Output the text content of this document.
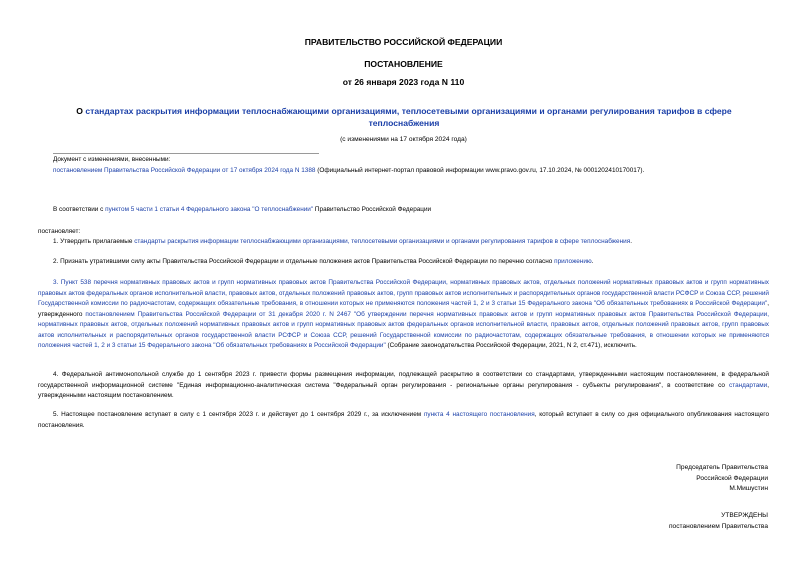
ПРАВИТЕЛЬСТВО РОССИЙСКОЙ ФЕДЕРАЦИИ
ПОСТАНОВЛЕНИЕ
от 26 января 2023 года N 110
О стандартах раскрытия информации теплоснабжающими организациями, теплосетевыми организациями и органами регулирования тарифов в сфере теплоснабжения
(с изменениями на 17 октября 2024 года)
Документ с изменениями, внесенными:
постановлением Правительства Российской Федерации от 17 октября 2024 года N 1388 (Официальный интернет-портал правовой информации www.pravo.gov.ru, 17.10.2024, № 0001202410170017).
В соответствии с пунктом 5 части 1 статьи 4 Федерального закона "О теплоснабжении" Правительство Российской Федерации
постановляет:
1. Утвердить прилагаемые стандарты раскрытия информации теплоснабжающими организациями, теплосетевыми организациями и органами регулирования тарифов в сфере теплоснабжения.
2. Признать утратившими силу акты Правительства Российской Федерации и отдельные положения актов Правительства Российской Федерации по перечню согласно приложению.
3. Пункт 538 перечня нормативных правовых актов и групп нормативных правовых актов Правительства Российской Федерации, нормативных правовых актов, отдельных положений нормативных правовых актов и групп нормативных правовых актов федеральных органов исполнительной власти, правовых актов, отдельных положений правовых актов, групп правовых актов исполнительных и распорядительных органов государственной власти РСФСР и Союза ССР, решений Государственной комиссии по радиочастотам, содержащих обязательные требования, в отношении которых не применяются положения частей 1, 2 и 3 статьи 15 Федерального закона "Об обязательных требованиях в Российской Федерации", утвержденного постановлением Правительства Российской Федерации от 31 декабря 2020 г. N 2467 "Об утверждении перечня нормативных правовых актов и групп нормативных правовых актов Правительства Российской Федерации, нормативных правовых актов, отдельных положений нормативных правовых актов и групп нормативных правовых актов федеральных органов исполнительной власти, правовых актов, отдельных положений правовых актов, групп правовых актов исполнительных и распорядительных органов государственной власти РСФСР и Союза ССР, решений Государственной комиссии по радиочастотам, содержащих обязательные требования, в отношении которых не применяются положения частей 1, 2 и 3 статьи 15 Федерального закона "Об обязательных требованиях в Российской Федерации" (Собрание законодательства Российской Федерации, 2021, N 2, ст.471), исключить.
4. Федеральной антимонопольной службе до 1 сентября 2023 г. привести формы размещения информации, подлежащей раскрытию в соответствии со стандартами, утвержденными настоящим постановлением, в федеральной государственной информационной системе "Единая информационно-аналитическая система "Федеральный орган регулирования - региональные органы регулирования - субъекты регулирования", в соответствие со стандартами, утвержденными настоящим постановлением.
5. Настоящее постановление вступает в силу с 1 сентября 2023 г. и действует до 1 сентября 2029 г., за исключением пункта 4 настоящего постановления, который вступает в силу со дня официального опубликования настоящего постановления.
Председатель Правительства
Российской Федерации
М.Мишустин
УТВЕРЖДЕНЫ
постановлением Правительства
